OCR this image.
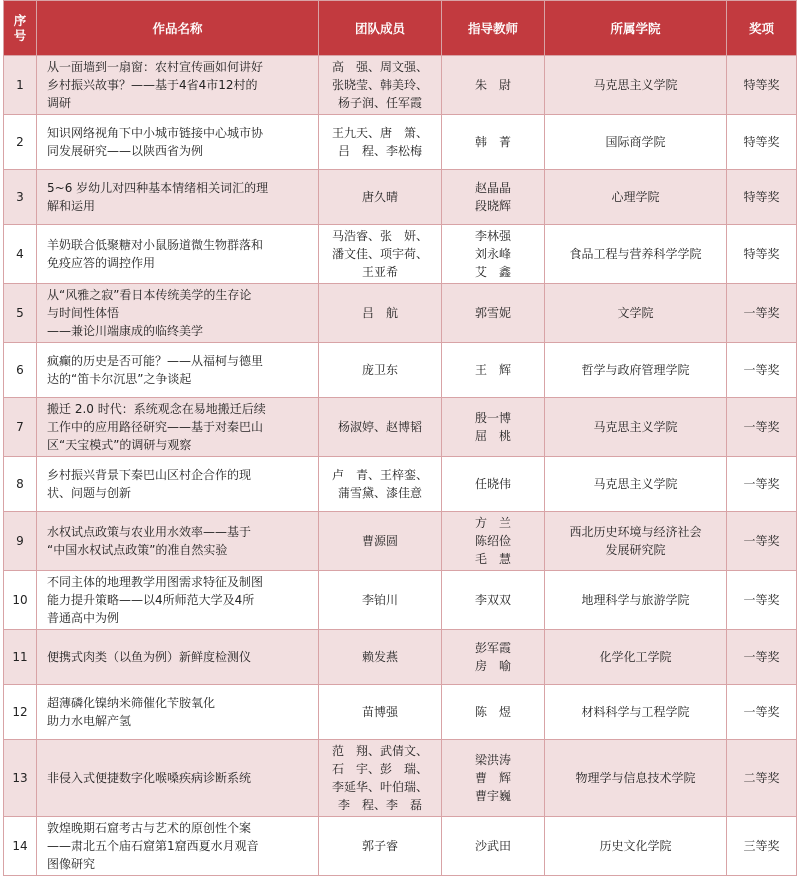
序
号	作品名称	团队成员	指导教师	所属学院	奖项
1	从一面墙到一扇窗：农村宣传画如何讲好
乡村振兴故事？——基于4省4市12村的
调研	高　强、周文强、
张晓莹、韩美玲、
杨子润、任军霞	朱　尉	马克思主义学院	特等奖
2	知识网络视角下中小城市链接中心城市协
同发展研究——以陕西省为例	王九天、唐　箫、
吕　程、李松梅	韩　菁	国际商学院	特等奖
3	5~6 岁幼儿对四种基本情绪相关词汇的理
解和运用	唐久晴	赵晶晶
段晓辉	心理学院	特等奖
4	羊奶联合低聚糖对小鼠肠道微生物群落和
免疫应答的调控作用	马浩睿、张　妍、
潘文佳、项宇荷、
王亚希	李林强
刘永峰
艾　鑫	食品工程与营养科学学院	特等奖
5	从“风雅之寂”看日本传统美学的生存论
与时间性体悟
——兼论川端康成的临终美学	吕　航	郭雪妮	文学院	一等奖
6	疯癫的历史是否可能？——从福柯与德里
达的“笛卡尔沉思”之争谈起	庞卫东	王　辉	哲学与政府管理学院	一等奖
7	搬迁 2.0 时代：系统观念在易地搬迁后续
工作中的应用路径研究——基于对秦巴山
区“天宝模式”的调研与观察	杨淑婷、赵博韬	殷一博
屈　桃	马克思主义学院	一等奖
8	乡村振兴背景下秦巴山区村企合作的现
状、问题与创新	卢　青、王梓銮、
蒲雪黛、漆佳意	任晓伟	马克思主义学院	一等奖
9	水权试点政策与农业用水效率——基于
“中国水权试点政策”的准自然实验	曹源圆	方　兰
陈绍俭
毛　慧	西北历史环境与经济社会
发展研究院	一等奖
10	不同主体的地理教学用图需求特征及制图
能力提升策略——以4所师范大学及4所
普通高中为例	李铂川	李双双	地理科学与旅游学院	一等奖
11	便携式肉类（以鱼为例）新鲜度检测仪	赖发燕	彭军霞
房　喻	化学化工学院	一等奖
12	超薄磷化镍纳米筛催化苄胺氧化
助力水电解产氢	苗博强	陈　煜	材料科学与工程学院	一等奖
13	非侵入式便捷数字化喉嗓疾病诊断系统	范　翔、武倩文、
石　宇、彭　瑞、
李延华、叶伯瑞、
李　程、李　磊	梁洪涛
曹　辉
曹宇巍	物理学与信息技术学院	二等奖
14	敦煌晚期石窟考古与艺术的原创性个案
——肃北五个庙石窟第1窟西夏水月观音
图像研究	郭子睿	沙武田	历史文化学院	三等奖
